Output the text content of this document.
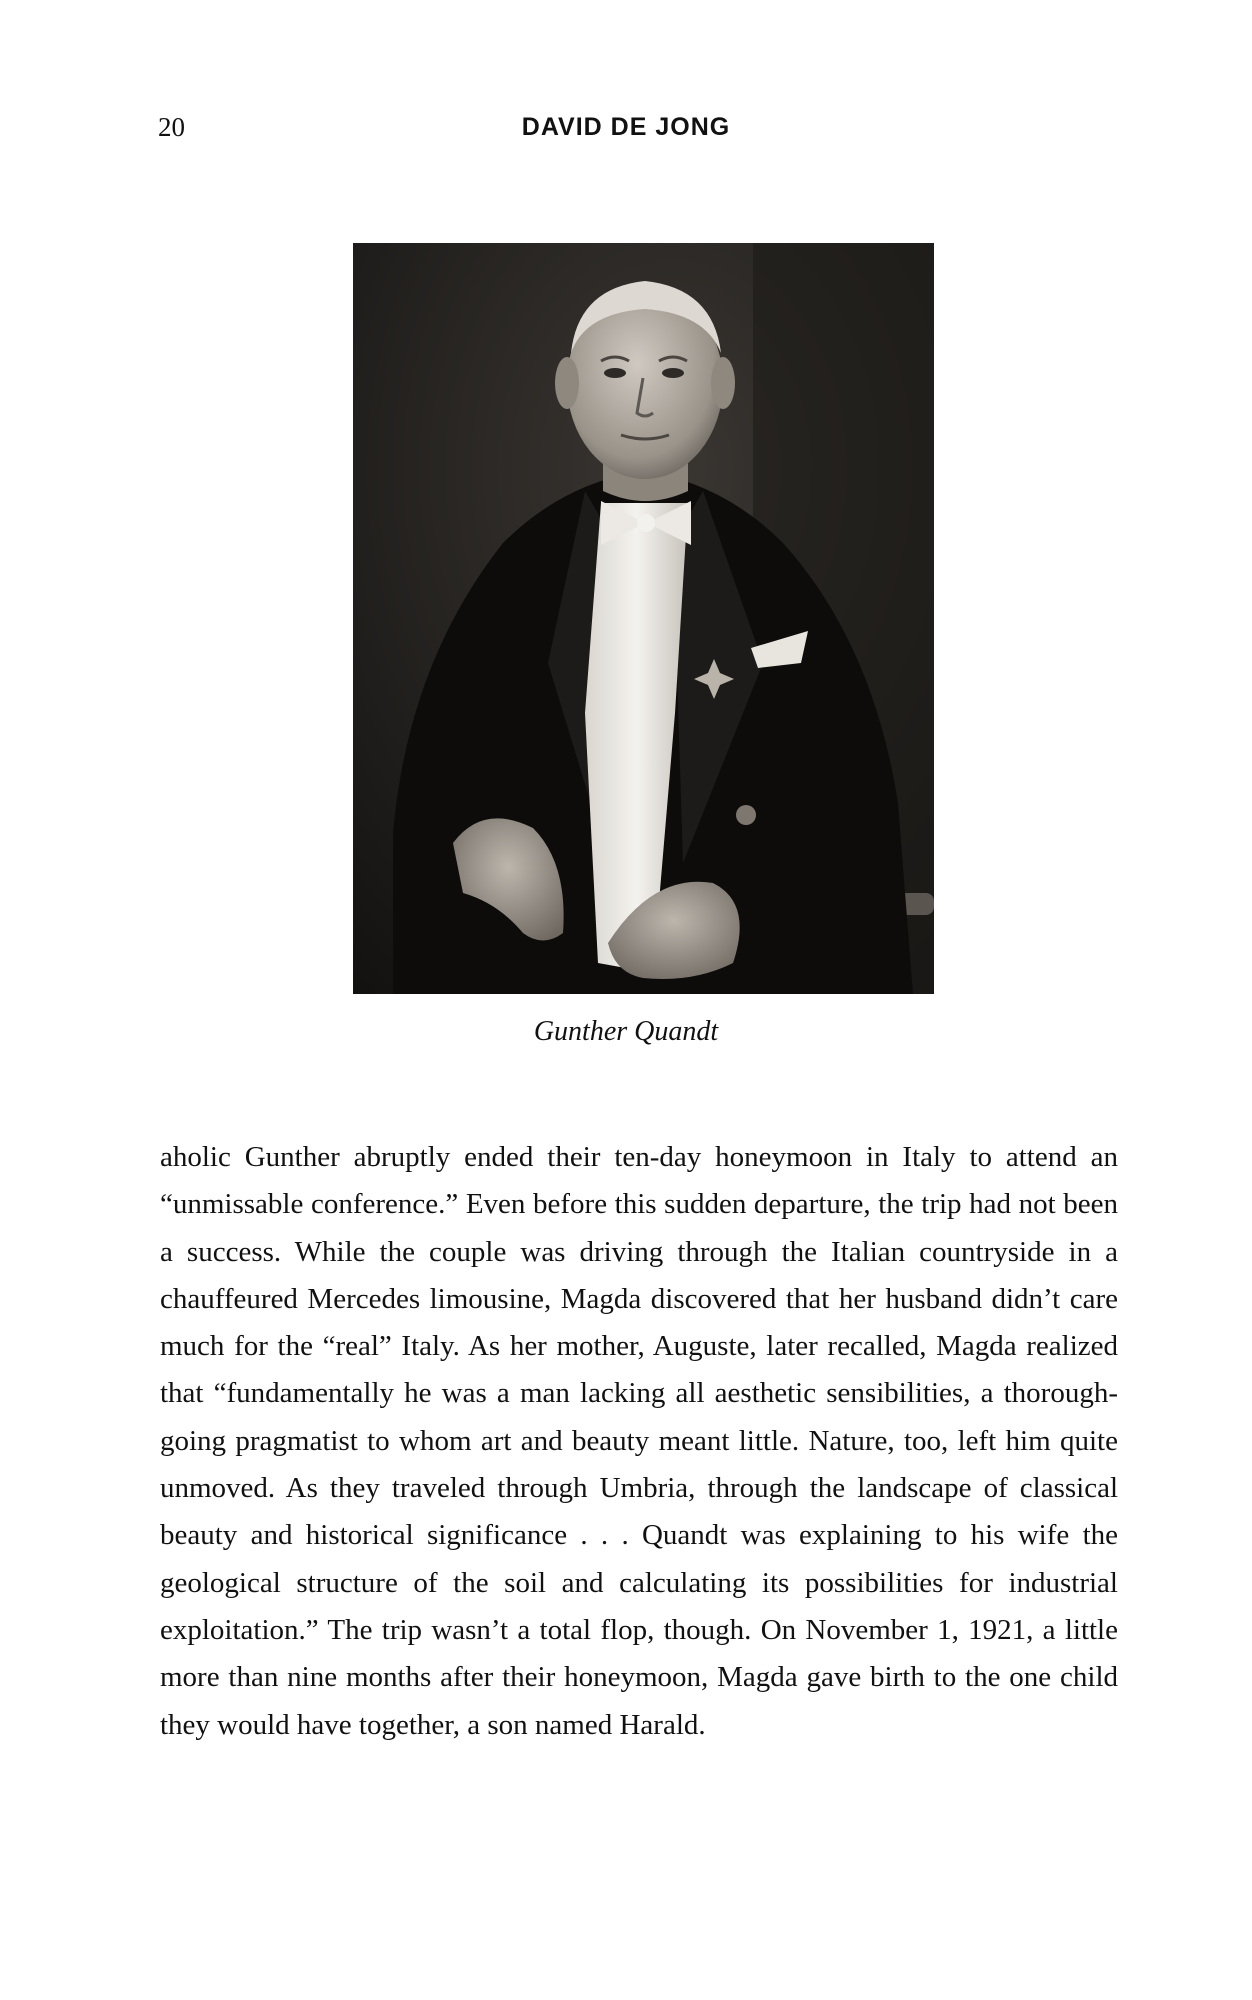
20	DAVID DE JONG
Gunther Quandt

aholic Gunther abruptly ended their ten-day honeymoon in Italy to attend an “unmissable conference.” Even before this sudden departure, the trip had not been a success. While the couple was driving through the Italian countryside in a chauffeured Mercedes limousine, Magda discovered that her husband didn’t care much for the “real” Italy. As her mother, Auguste, later recalled, Magda realized that “fundamentally he was a man lacking all aesthetic sensibilities, a thorough-going pragmatist to whom art and beauty meant little. Nature, too, left him quite unmoved. As they traveled through Umbria, through the landscape of classical beauty and historical significance . . . Quandt was explaining to his wife the geological structure of the soil and calculating its possibilities for industrial exploitation.” The trip wasn’t a total flop, though. On November 1, 1921, a little more than nine months after their honeymoon, Magda gave birth to the one child they would have together, a son named Harald.
